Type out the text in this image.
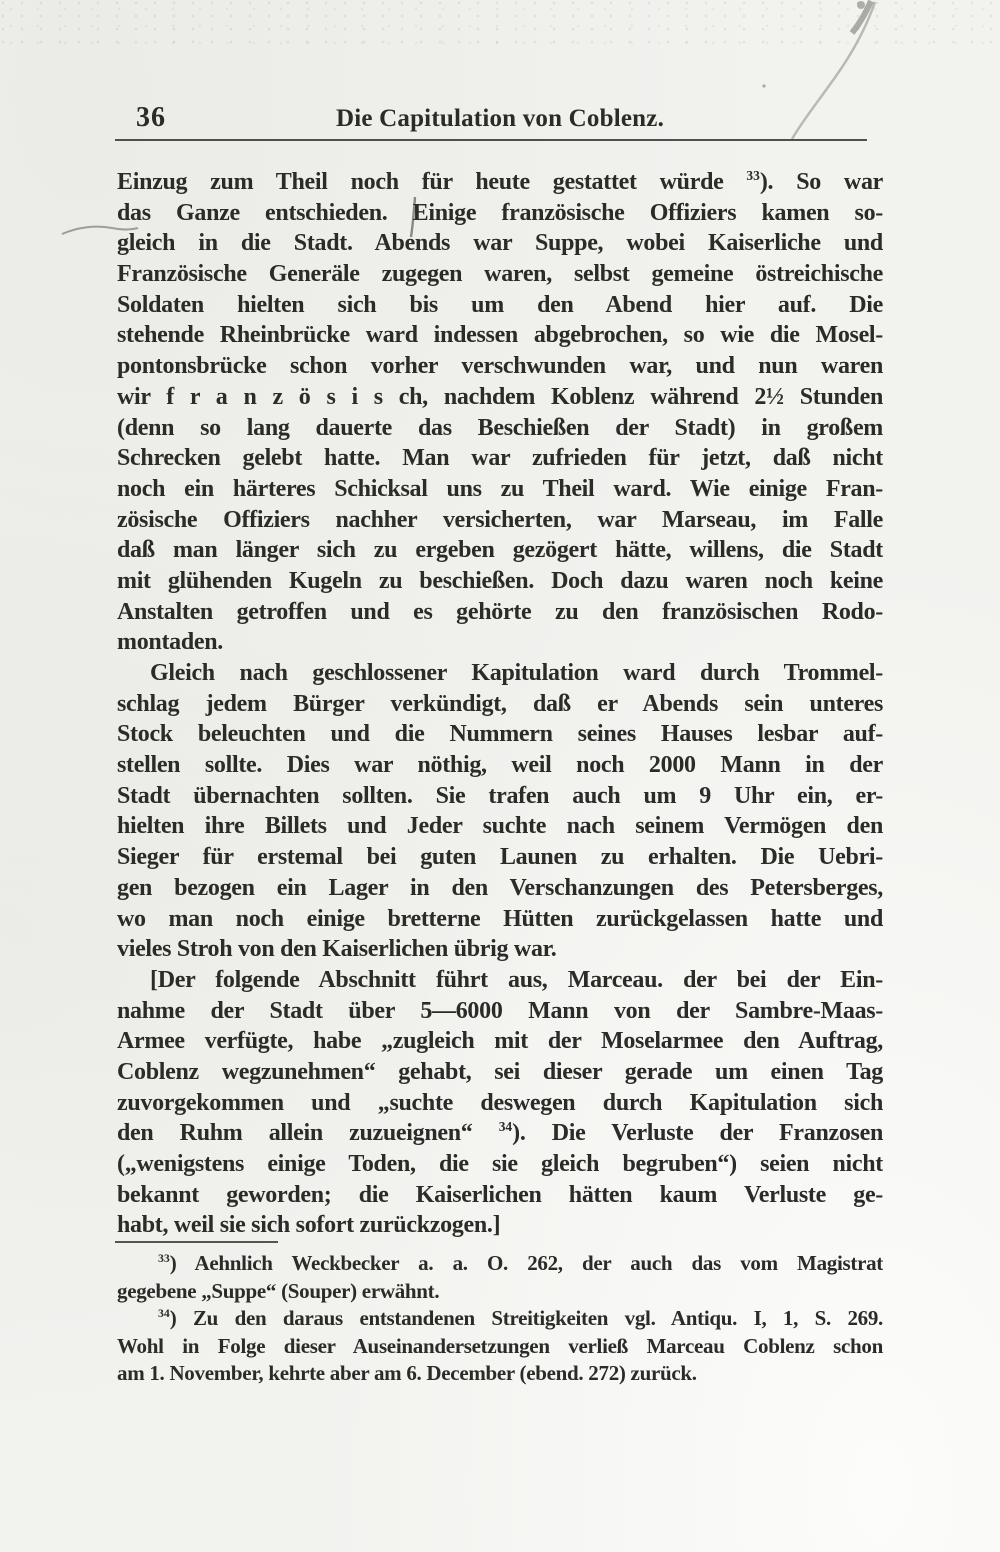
36	Die Capitulation von Coblenz.
Einzug zum Theil noch für heute gestattet würde $^{33}$). So war
das Ganze entschieden. Einige französische Offiziers kamen so-
gleich in die Stadt. Abends war Suppe, wobei Kaiserliche und
Französische Generäle zugegen waren, selbst gemeine östreichische
Soldaten hielten sich bis um den Abend hier auf. Die
stehende Rheinbrücke ward indessen abgebrochen, so wie die Mosel-
pontonsbrücke schon vorher verschwunden war, und nun waren
wir f r a n z ö s i s ch, nachdem Koblenz während 2½ Stunden
(denn so lang dauerte das Beschießen der Stadt) in großem
Schrecken gelebt hatte. Man war zufrieden für jetzt, daß nicht
noch ein härteres Schicksal uns zu Theil ward. Wie einige Fran-
zösische Offiziers nachher versicherten, war Marseau, im Falle
daß man länger sich zu ergeben gezögert hätte, willens, die Stadt
mit glühenden Kugeln zu beschießen. Doch dazu waren noch keine
Anstalten getroffen und es gehörte zu den französischen Rodo-
montaden.
Gleich nach geschlossener Kapitulation ward durch Trommel-
schlag jedem Bürger verkündigt, daß er Abends sein unteres
Stock beleuchten und die Nummern seines Hauses lesbar auf-
stellen sollte. Dies war nöthig, weil noch 2000 Mann in der
Stadt übernachten sollten. Sie trafen auch um 9 Uhr ein, er-
hielten ihre Billets und Jeder suchte nach seinem Vermögen den
Sieger für erstemal bei guten Launen zu erhalten. Die Uebri-
gen bezogen ein Lager in den Verschanzungen des Petersberges,
wo man noch einige bretterne Hütten zurückgelassen hatte und
vieles Stroh von den Kaiserlichen übrig war.
[Der folgende Abschnitt führt aus, Marceau. der bei der Ein-
nahme der Stadt über 5—6000 Mann von der Sambre-Maas-
Armee verfügte, habe „zugleich mit der Moselarmee den Auftrag,
Coblenz wegzunehmen“ gehabt, sei dieser gerade um einen Tag
zuvorgekommen und „suchte deswegen durch Kapitulation sich
den Ruhm allein zuzueignen“ $^{34}$). Die Verluste der Franzosen
(„wenigstens einige Toden, die sie gleich begruben“) seien nicht
bekannt geworden; die Kaiserlichen hätten kaum Verluste ge-
habt, weil sie sich sofort zurückzogen.]
$^{33}$) Aehnlich Weckbecker a. a. O. 262, der auch das vom Magistrat
gegebene „Suppe“ (Souper) erwähnt.
$^{34}$) Zu den daraus entstandenen Streitigkeiten vgl. Antiqu. I, 1, S. 269.
Wohl in Folge dieser Auseinandersetzungen verließ Marceau Coblenz schon
am 1. November, kehrte aber am 6. December (ebend. 272) zurück.
